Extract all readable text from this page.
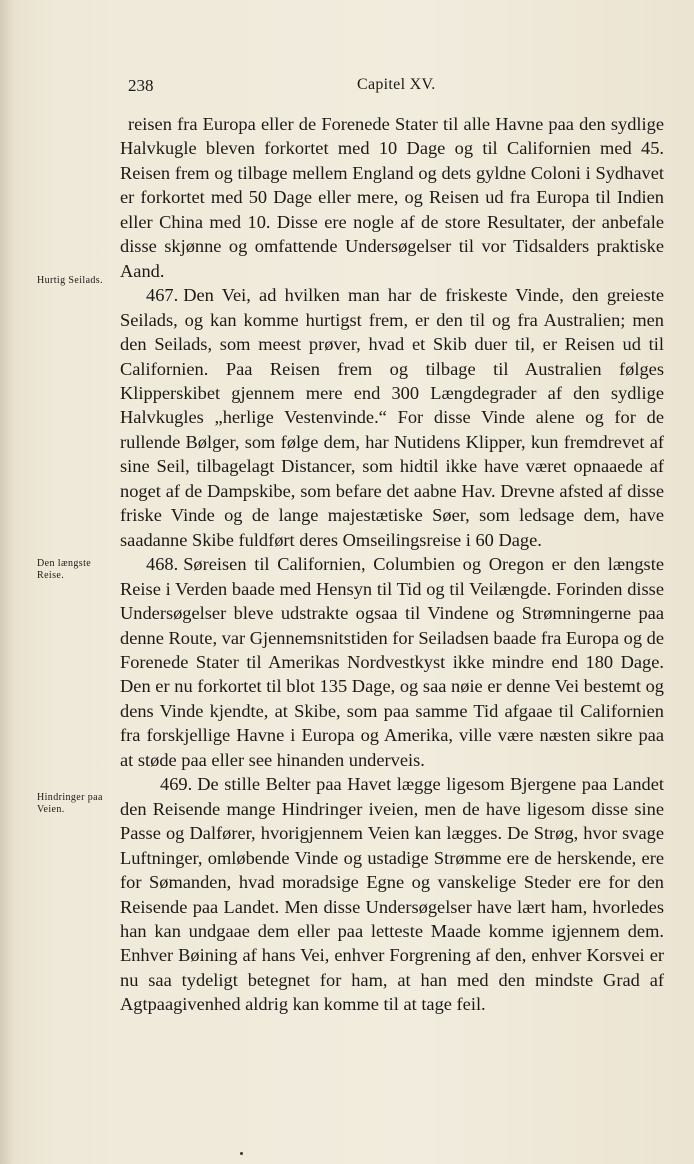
238	Capitel XV.
Hurtig Seilads.
Den længste Reise.
Hindringer paa Veien.

reisen fra Europa eller de Forenede Stater til alle Havne paa den sydlige Halvkugle bleven forkortet med 10 Dage og til Californien med 45. Reisen frem og tilbage mellem England og dets gyldne Coloni i Sydhavet er forkortet med 50 Dage eller mere, og Reisen ud fra Europa til Indien eller China med 10. Disse ere nogle af de store Resultater, der anbefale disse skjønne og omfattende Undersøgelser til vor Tidsalders praktiske Aand.

467. Den Vei, ad hvilken man har de friskeste Vinde, den greieste Seilads, og kan komme hurtigst frem, er den til og fra Australien; men den Seilads, som meest prøver, hvad et Skib duer til, er Reisen ud til Californien. Paa Reisen frem og tilbage til Australien følges Klipperskibet gjennem mere end 300 Længdegrader af den sydlige Halvkugles „herlige Vestenvinde.“ For disse Vinde alene og for de rullende Bølger, som følge dem, har Nutidens Klipper, kun fremdrevet af sine Seil, tilbagelagt Distancer, som hidtil ikke have været opnaaede af noget af de Dampskibe, som befare det aabne Hav. Drevne afsted af disse friske Vinde og de lange majestætiske Søer, som ledsage dem, have saadanne Skibe fuldført deres Omseilingsreise i 60 Dage.

468. Søreisen til Californien, Columbien og Oregon er den længste Reise i Verden baade med Hensyn til Tid og til Veilængde. Forinden disse Undersøgelser bleve udstrakte ogsaa til Vindene og Strømningerne paa denne Route, var Gjennemsnitstiden for Seiladsen baade fra Europa og de Forenede Stater til Amerikas Nordvestkyst ikke mindre end 180 Dage. Den er nu forkortet til blot 135 Dage, og saa nøie er denne Vei bestemt og dens Vinde kjendte, at Skibe, som paa samme Tid afgaae til Californien fra forskjellige Havne i Europa og Amerika, ville være næsten sikre paa at støde paa eller see hinanden underveis.

469. De stille Belter paa Havet lægge ligesom Bjergene paa Landet den Reisende mange Hindringer iveien, men de have ligesom disse sine Passe og Dalfører, hvorigjennem Veien kan lægges. De Strøg, hvor svage Luftninger, omløbende Vinde og ustadige Strømme ere de herskende, ere for Sømanden, hvad moradsige Egne og vanskelige Steder ere for den Reisende paa Landet. Men disse Undersøgelser have lært ham, hvorledes han kan undgaae dem eller paa letteste Maade komme igjennem dem. Enhver Bøining af hans Vei, enhver Forgrening af den, enhver Korsvei er nu saa tydeligt betegnet for ham, at han med den mindste Grad af Agtpaagivenhed aldrig kan komme til at tage feil.
